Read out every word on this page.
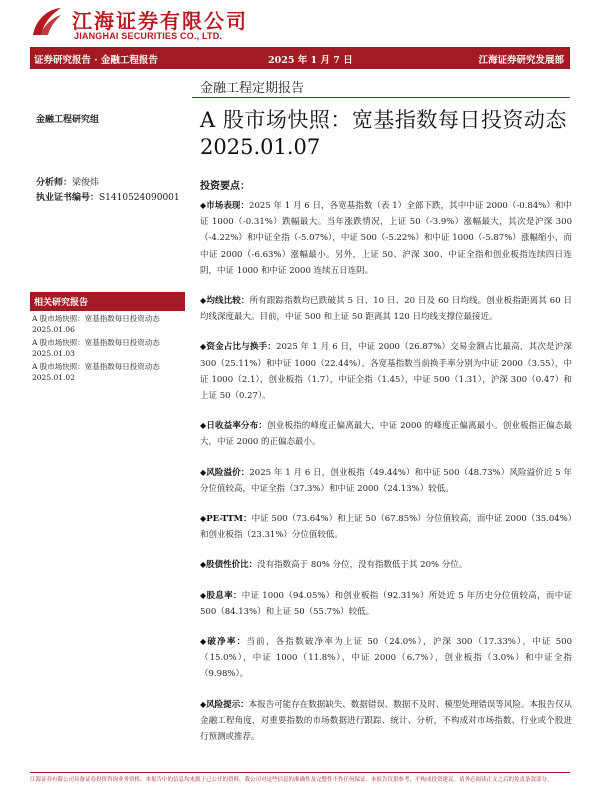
江海证券有限公司
JIANGHAI SECURITIES CO., LTD.
证券研究报告 · 金融工程报告	2025 年 1 月 7 日	江海证券研究发展部
金融工程定期报告
A 股市场快照：宽基指数每日投资动态
2025.01.07
金融工程研究组
分析师：梁俊炜
执业证书编号：S1410524090001
相关研究报告
A 股市场快照：宽基指数每日投资动态 2025.01.06
A 股市场快照：宽基指数每日投资动态 2025.01.03
A 股市场快照：宽基指数每日投资动态 2025.01.02
投资要点：
◆市场表现：2025 年 1 月 6 日，各宽基指数（表 1）全部下跌，其中中证 2000（-0.84%）和中证 1000（-0.31%）跌幅最大。当年涨跌情况，上证 50（-3.9%）涨幅最大，其次是沪深 300（-4.22%）和中证全指（-5.07%），中证 500（-5.22%）和中证 1000（-5.87%）涨幅缩小，而中证 2000（-6.63%）涨幅最小。另外，上证 50、沪深 300、中证全指和创业板指连续四日连阴，中证 1000 和中证 2000 连续五日连阴。
◆均线比较：所有跟踪指数均已跌破其 5 日、10 日、20 日及 60 日均线。创业板指距离其 60 日均线深度最大。目前，中证 500 和上证 50 距离其 120 日均线支撑位最接近。
◆资金占比与换手：2025 年 1 月 6 日，中证 2000（26.87%）交易金额占比最高，其次是沪深 300（25.11%）和中证 1000（22.44%）。各宽基指数当前换手率分别为中证 2000（3.55），中证 1000（2.1），创业板指（1.7），中证全指（1.45），中证 500（1.31），沪深 300（0.47）和上证 50（0.27）。
◆日收益率分布：创业板指的峰度正偏离最大，中证 2000 的峰度正偏离最小。创业板指正偏态最大，中证 2000 的正偏态最小。
◆风险溢价：2025 年 1 月 6 日，创业板指（49.44%）和中证 500（48.73%）风险溢价近 5 年分位值较高，中证全指（37.3%）和中证 2000（24.13%）较低。
◆PE-TTM：中证 500（73.64%）和上证 50（67.85%）分位值较高，而中证 2000（35.04%）和创业板指（23.31%）分位值较低。
◆股债性价比：没有指数高于 80% 分位，没有指数低于其 20% 分位。
◆股息率：中证 1000（94.05%）和创业板指（92.31%）所处近 5 年历史分位值较高，而中证 500（84.13%）和上证 50（55.7%）较低。
◆破净率：当前，各指数破净率为上证 50（24.0%），沪深 300（17.33%），中证 500（15.0%），中证 1000（11.8%），中证 2000（6.7%），创业板指（3.0%）和中证全指（9.98%）。
◆风险提示：本报告可能存在数据缺失、数据错误、数据不及时、模型处理错误等风险。本报告仅从金融工程角度，对重要指数的市场数据进行跟踪、统计、分析，不构成对市场指数、行业或个股进行预测或推荐。
江海证券有限公司具备证券投资咨询业务资格。本报告中的信息均来源于已公开的资料，我公司对这些信息的准确性及完整性不作任何保证。本报告仅供参考，不构成投资建议。请务必阅读正文之后的免责条款部分。
